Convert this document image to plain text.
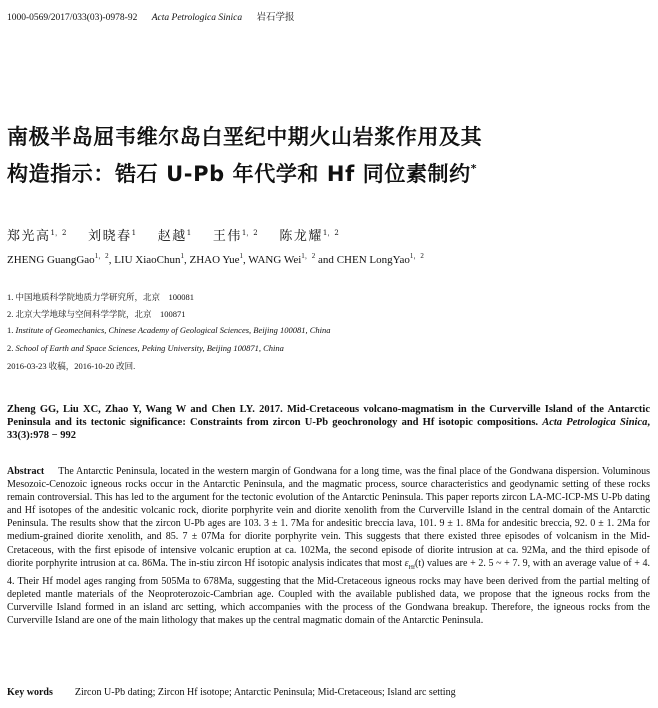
1000-0569/2017/033(03)-0978-92 Acta Petrologica Sinica 岩石学报
南极半岛屈韦维尔岛白垩纪中期火山岩浆作用及其
构造指示：锆石 U-Pb 年代学和 Hf 同位素制约*
郑光高$^{1,2}$ 刘晓春$^1$ 赵越$^1$ 王伟$^{1,2}$ 陈龙耀$^{1,2}$
ZHENG GuangGao$^{1,2}$, LIU XiaoChun$^1$, ZHAO Yue$^1$, WANG Wei$^{1,2}$ and CHEN LongYao$^{1,2}$
1. 中国地质科学院地质力学研究所，北京　100081
2. 北京大学地球与空间科学学院，北京　100871
1. Institute of Geomechanics, Chinese Academy of Geological Sciences, Beijing 100081, China
2. School of Earth and Space Sciences, Peking University, Beijing 100871, China
2016-03-23 收稿，2016-10-20 改回.
Zheng GG, Liu XC, Zhao Y, Wang W and Chen LY. 2017. Mid-Cretaceous volcano-magmatism in the Curverville Island of the Antarctic Peninsula and its tectonic significance: Constraints from zircon U-Pb geochronology and Hf isotopic compositions. Acta Petrologica Sinica, 33(3):978 − 992
Abstract The Antarctic Peninsula, located in the western margin of Gondwana for a long time, was the final place of the Gondwana dispersion. Voluminous Mesozoic-Cenozoic igneous rocks occur in the Antarctic Peninsula, and the magmatic process, source characteristics and geodynamic setting of these rocks remain controversial. This has led to the argument for the tectonic evolution of the Antarctic Peninsula. This paper reports zircon LA-MC-ICP-MS U-Pb dating and Hf isotopes of the andesitic volcanic rock, diorite porphyrite vein and diorite xenolith from the Curverville Island in the central domain of the Antarctic Peninsula. The results show that the zircon U-Pb ages are 103. 3 ± 1. 7Ma for andesitic breccia lava, 101. 9 ± 1. 8Ma for andesitic breccia, 92. 0 ± 1. 2Ma for medium-grained diorite xenolith, and 85. 7 ± 07Ma for diorite porphyrite vein. This suggests that there existed three episodes of volcanism in the Mid-Cretaceous, with the first episode of intensive volcanic eruption at ca. 102Ma, the second episode of diorite intrusion at ca. 92Ma, and the third episode of diorite porphyrite intrusion at ca. 86Ma. The in-stiu zircon Hf isotopic analysis indicates that most $\varepsilon_{Hf}(t)$ values are + 2. 5 ~ + 7. 9, with an average value of + 4. 4. Their Hf model ages ranging from 505Ma to 678Ma, suggesting that the Mid-Cretaceous igneous rocks may have been derived from the partial melting of depleted mantle materials of the Neoproterozoic-Cambrian age. Coupled with the available published data, we propose that the igneous rocks from the Curverville Island formed in an island arc setting, which accompanies with the process of the Gondwana breakup. Therefore, the igneous rocks from the Curverville Island are one of the main lithology that makes up the central magmatic domain of the Antarctic Peninsula.
Key words Zircon U-Pb dating; Zircon Hf isotope; Antarctic Peninsula; Mid-Cretaceous; Island arc setting
